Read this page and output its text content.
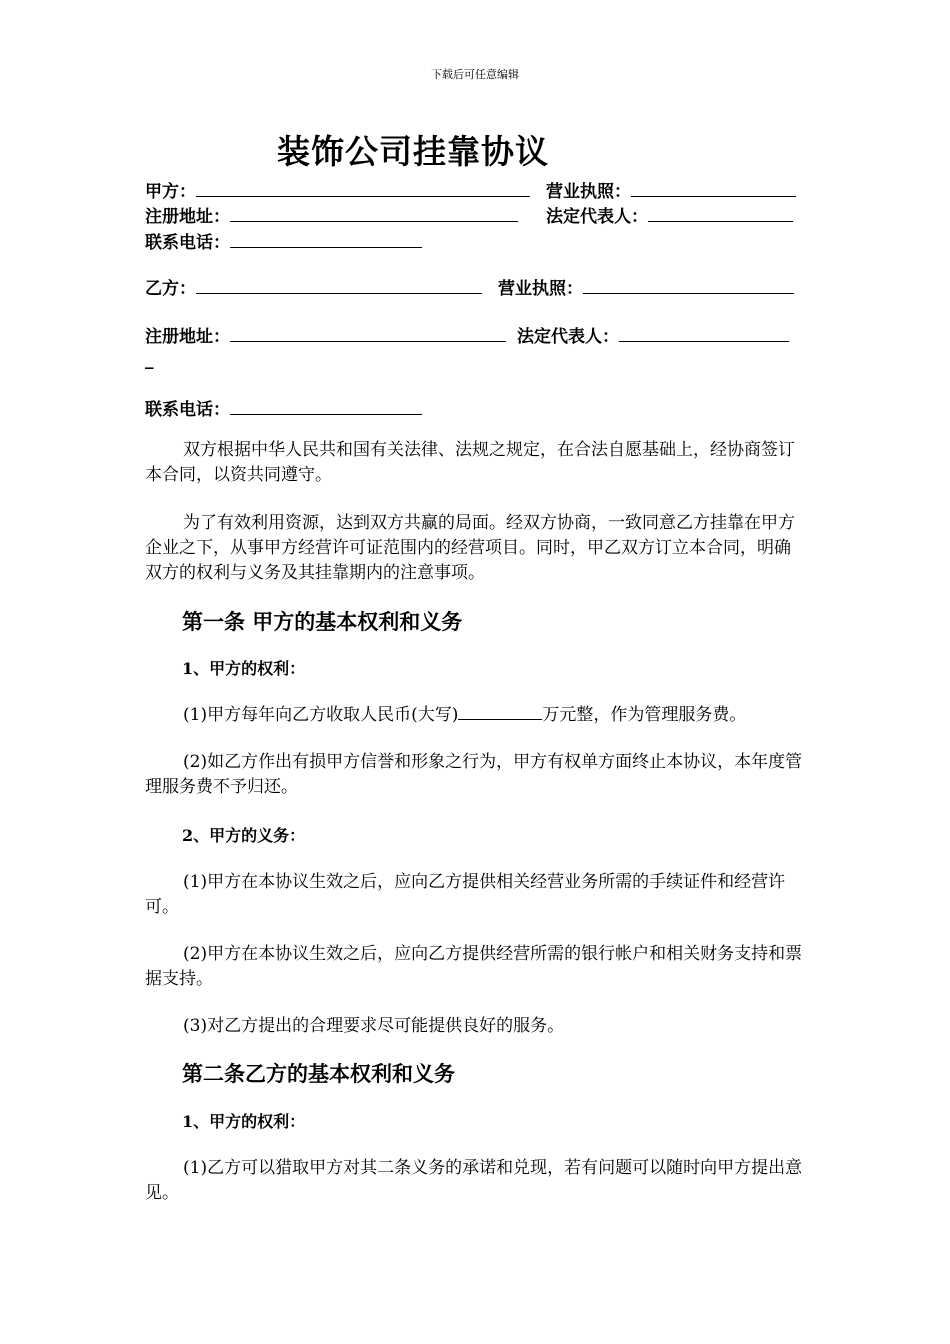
下载后可任意编辑
装饰公司挂靠协议
甲方：	营业执照：
注册地址：	法定代表人：
联系电话：
乙方：	营业执照：
注册地址：	法定代表人：
_
联系电话：
双方根据中华人民共和国有关法律、法规之规定，在合法自愿基础上，经协商签订本合同，以资共同遵守。
为了有效利用资源，达到双方共赢的局面。经双方协商，一致同意乙方挂靠在甲方企业之下，从事甲方经营许可证范围内的经营项目。同时，甲乙双方订立本合同，明确双方的权利与义务及其挂靠期内的注意事项。
第一条 甲方的基本权利和义务
1、甲方的权利：
(1)甲方每年向乙方收取人民币(大写)	万元整，作为管理服务费。
(2)如乙方作出有损甲方信誉和形象之行为，甲方有权单方面终止本协议，本年度管理服务费不予归还。
2、甲方的义务：
(1)甲方在本协议生效之后，应向乙方提供相关经营业务所需的手续证件和经营许可。
(2)甲方在本协议生效之后，应向乙方提供经营所需的银行帐户和相关财务支持和票据支持。
(3)对乙方提出的合理要求尽可能提供良好的服务。
第二条乙方的基本权利和义务
1、甲方的权利：
(1)乙方可以猎取甲方对其二条义务的承诺和兑现，若有问题可以随时向甲方提出意见。
